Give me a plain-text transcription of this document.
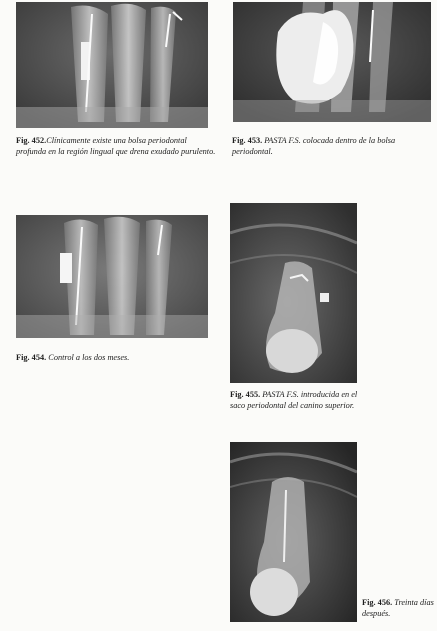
Fig. 452.Clínicamente existe una bolsa periodontal profunda en la región lingual que drena exudado purulento.
Fig. 453. PASTA F.S. colocada dentro de la bolsa periodontal.
Fig. 454. Control a los dos meses.
Fig. 455. PASTA F.S. introducida en el saco periodontal del canino superior.
Fig. 456. Treinta días después.
